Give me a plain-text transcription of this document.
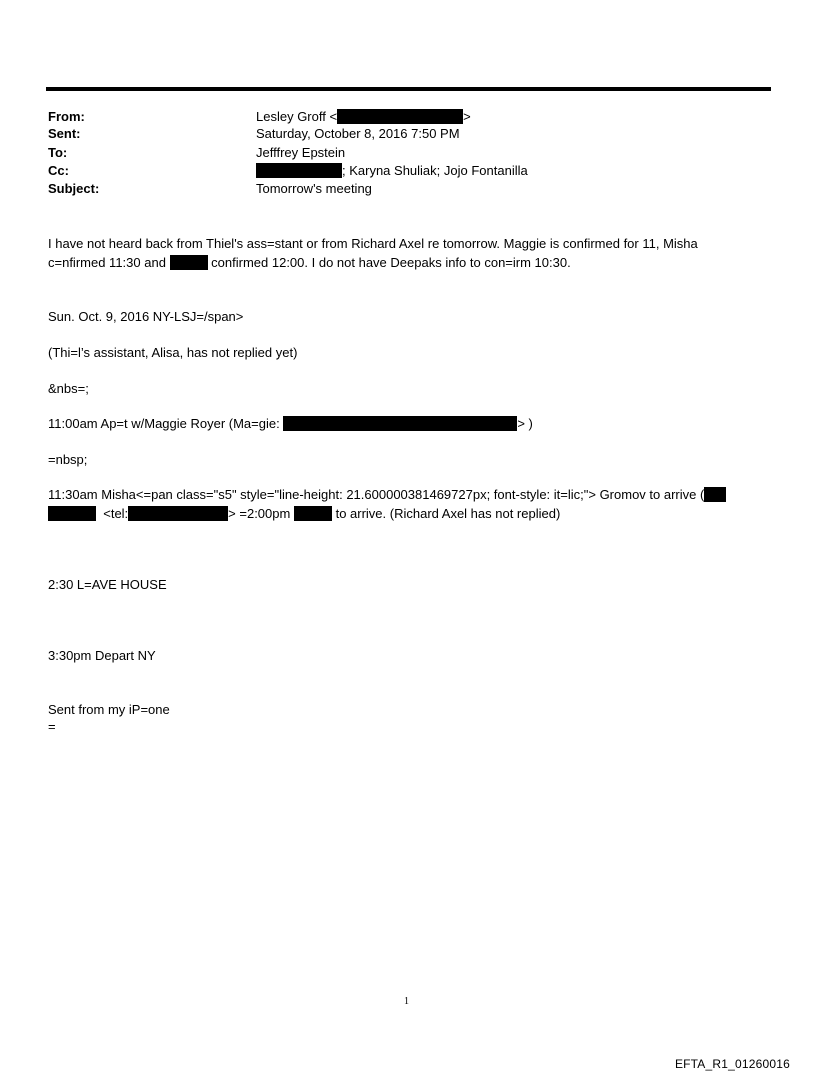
From:	Lesley Groff <	>
Sent:	Saturday, October 8, 2016 7:50 PM
To:	Jefffrey Epstein
Cc:	; Karyna Shuliak; Jojo Fontanilla
Subject:	Tomorrow's meeting
I have not heard back from Thiel's ass=stant or from Richard Axel re tomorrow. Maggie is confirmed for 11, Misha
c=nfirmed 11:30 and	confirmed 12:00. I do not have Deepaks info to con=irm 10:30.
Sun. Oct. 9, 2016 NY-LSJ=/span>
(Thi=l’s assistant, Alisa, has not replied yet)
&nbs=;
11:00am Ap=t w/Maggie Royer (Ma=gie:	> )
=nbsp;
11:30am Misha<=pan class="s5" style="line-height: 21.600000381469727px; font-style: it=lic;"> Gromov to arrive (
<tel:	> =2:00pm	to arrive. (Richard Axel has not replied)
2:30 L=AVE HOUSE
3:30pm Depart NY
Sent from my iP=one
=
1
EFTA_R1_01260016
